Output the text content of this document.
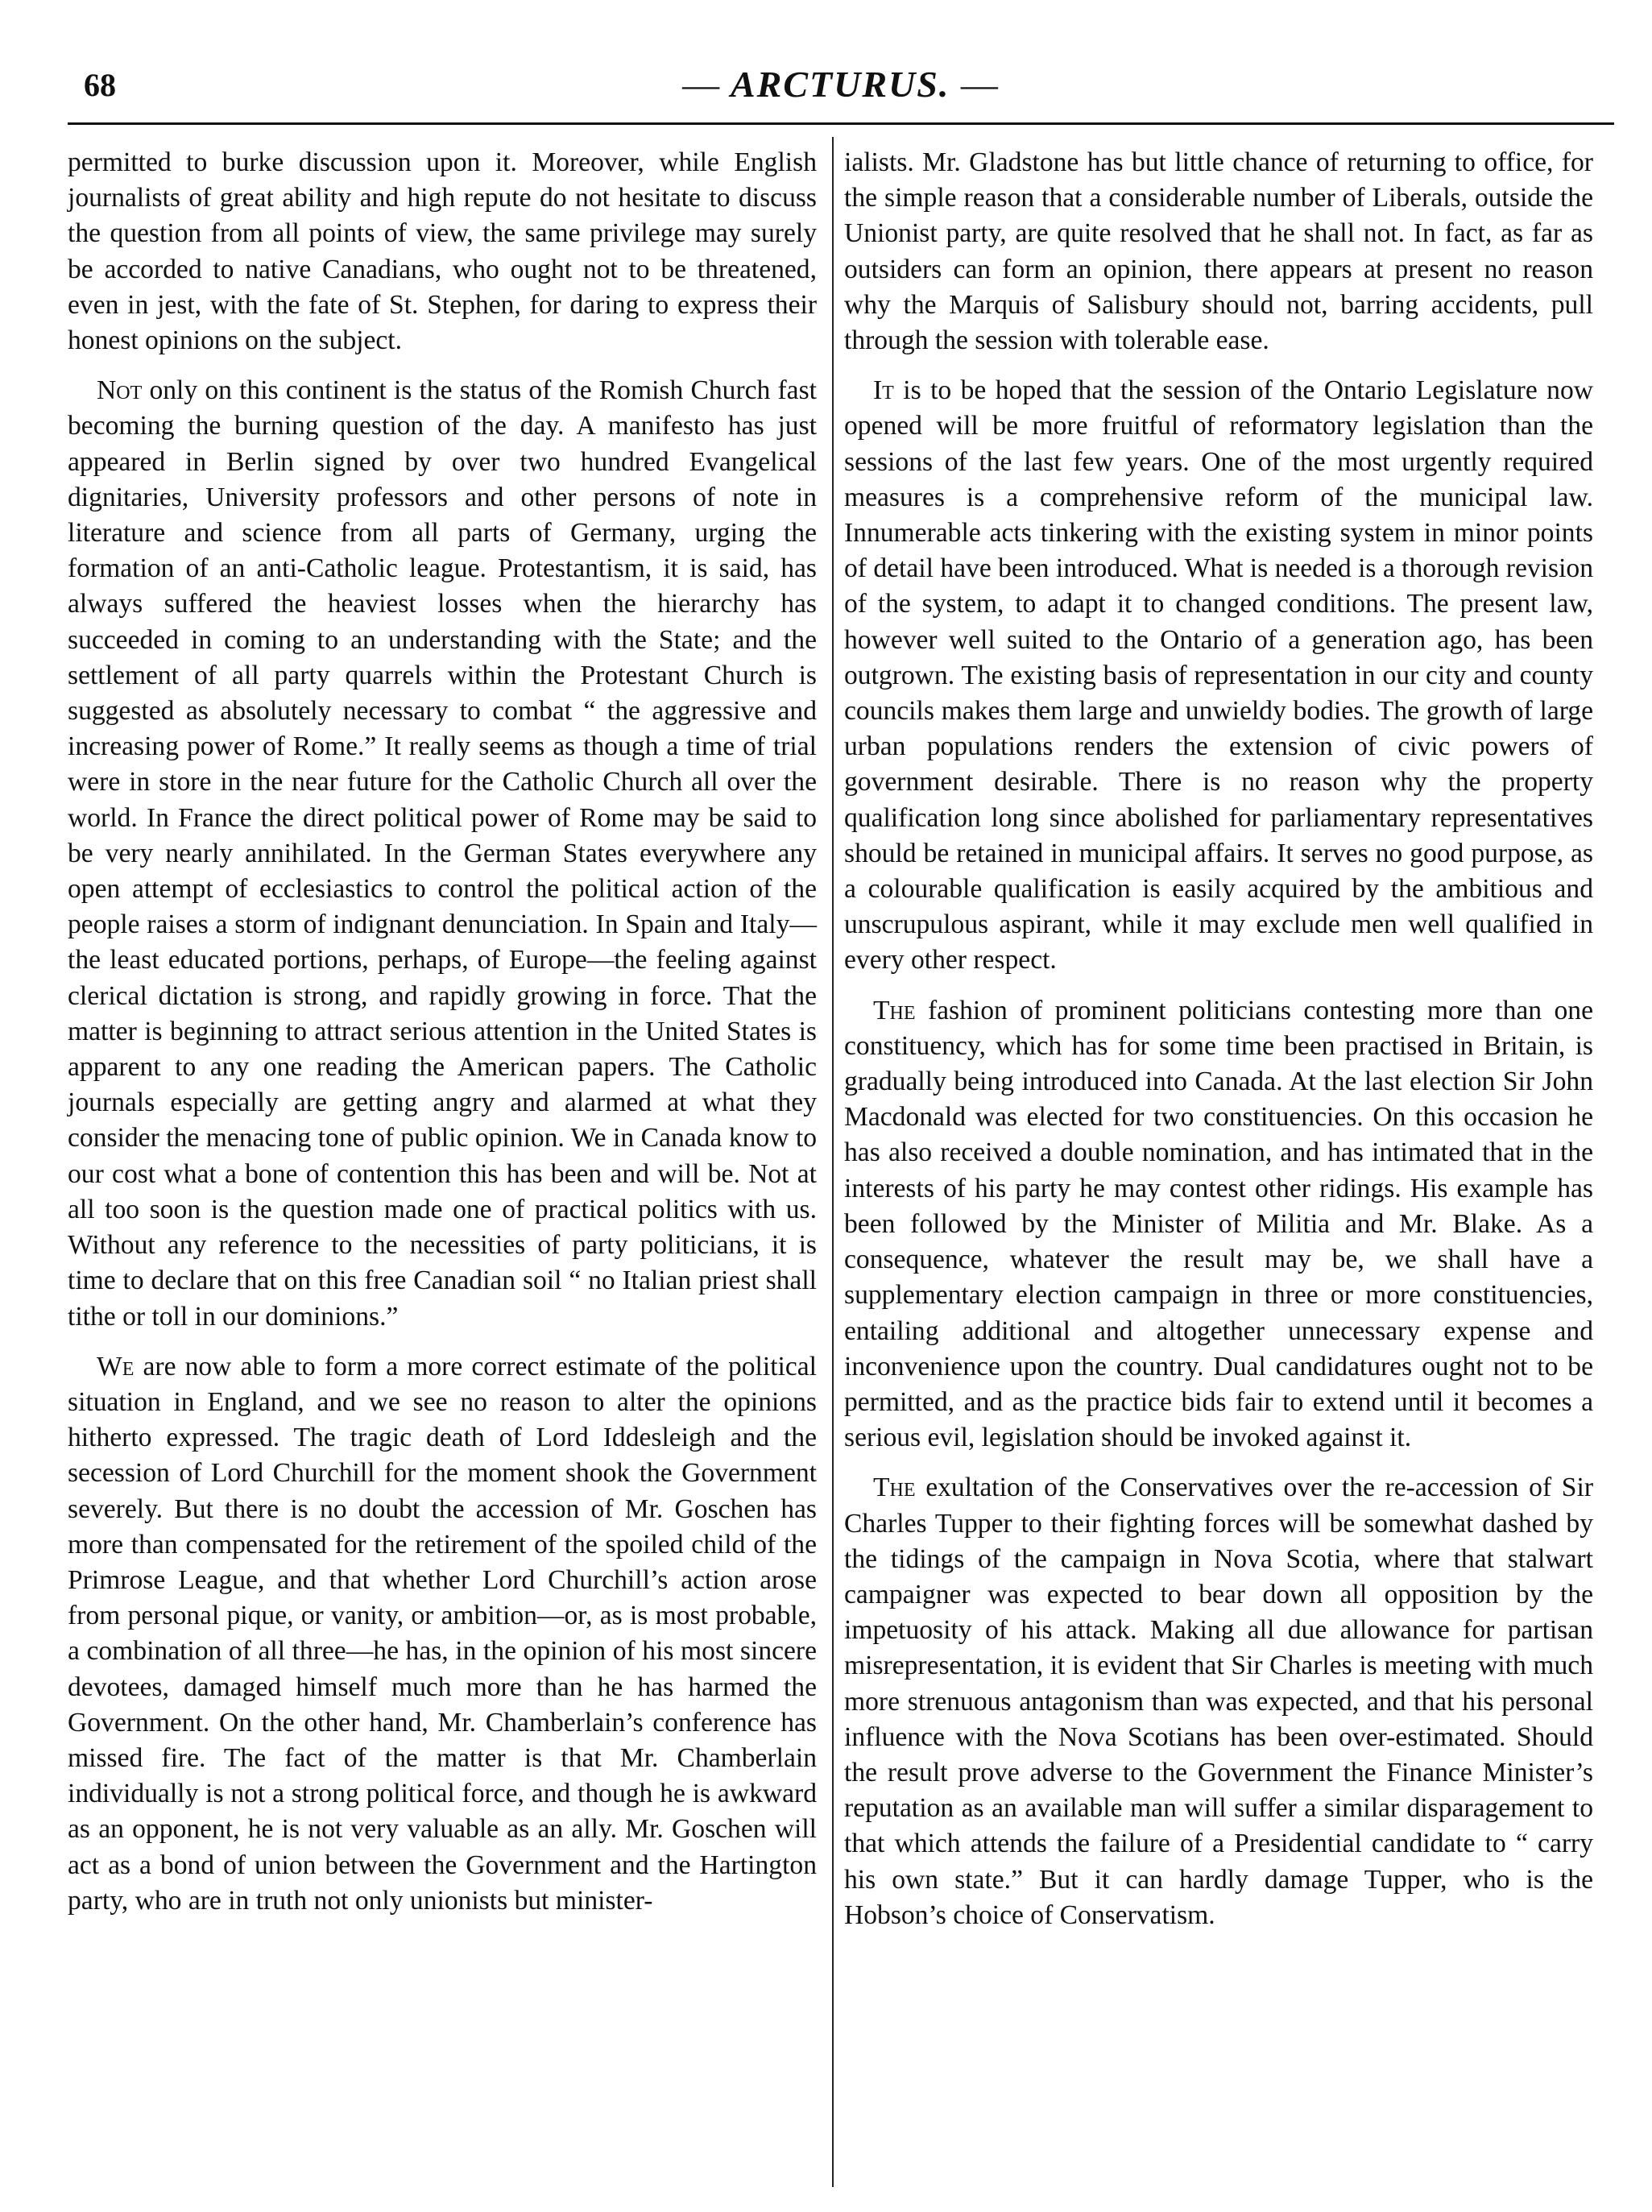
68	— ARCTURUS. —

permitted to burke discussion upon it. Moreover, while English journalists of great ability and high repute do not hesitate to discuss the question from all points of view, the same privilege may surely be accorded to native Canadians, who ought not to be threatened, even in jest, with the fate of St. Stephen, for daring to express their honest opinions on the subject.

Not only on this continent is the status of the Romish Church fast becoming the burning question of the day. A manifesto has just appeared in Berlin signed by over two hundred Evangelical dignitaries, University professors and other persons of note in literature and science from all parts of Germany, urging the formation of an anti-Catholic league. Protestantism, it is said, has always suffered the heaviest losses when the hierarchy has succeeded in coming to an understanding with the State; and the settlement of all party quarrels within the Protestant Church is suggested as absolutely necessary to combat “ the aggressive and increasing power of Rome.” It really seems as though a time of trial were in store in the near future for the Catholic Church all over the world. In France the direct political power of Rome may be said to be very nearly annihilated. In the German States everywhere any open attempt of ecclesiastics to control the political action of the people raises a storm of indignant denunciation. In Spain and Italy—the least educated portions, perhaps, of Europe—the feeling against clerical dictation is strong, and rapidly growing in force. That the matter is beginning to attract serious attention in the United States is apparent to any one reading the American papers. The Catholic journals especially are getting angry and alarmed at what they consider the menacing tone of public opinion. We in Canada know to our cost what a bone of contention this has been and will be. Not at all too soon is the question made one of practical politics with us. Without any reference to the necessities of party politicians, it is time to declare that on this free Canadian soil “ no Italian priest shall tithe or toll in our dominions.”

We are now able to form a more correct estimate of the political situation in England, and we see no reason to alter the opinions hitherto expressed. The tragic death of Lord Iddesleigh and the secession of Lord Churchill for the moment shook the Government severely. But there is no doubt the accession of Mr. Goschen has more than compensated for the retirement of the spoiled child of the Primrose League, and that whether Lord Churchill’s action arose from personal pique, or vanity, or ambition—or, as is most probable, a combination of all three—he has, in the opinion of his most sincere devotees, damaged himself much more than he has harmed the Government. On the other hand, Mr. Chamberlain’s conference has missed fire. The fact of the matter is that Mr. Chamberlain individually is not a strong political force, and though he is awkward as an opponent, he is not very valuable as an ally. Mr. Goschen will act as a bond of union between the Government and the Hartington party, who are in truth not only unionists but minister-

ialists. Mr. Gladstone has but little chance of returning to office, for the simple reason that a considerable number of Liberals, outside the Unionist party, are quite resolved that he shall not. In fact, as far as outsiders can form an opinion, there appears at present no reason why the Marquis of Salisbury should not, barring accidents, pull through the session with tolerable ease.

It is to be hoped that the session of the Ontario Legislature now opened will be more fruitful of reformatory legislation than the sessions of the last few years. One of the most urgently required measures is a comprehensive reform of the municipal law. Innumerable acts tinkering with the existing system in minor points of detail have been introduced. What is needed is a thorough revision of the system, to adapt it to changed conditions. The present law, however well suited to the Ontario of a generation ago, has been outgrown. The existing basis of representation in our city and county councils makes them large and unwieldy bodies. The growth of large urban populations renders the extension of civic powers of government desirable. There is no reason why the property qualification long since abolished for parliamentary representatives should be retained in municipal affairs. It serves no good purpose, as a colourable qualification is easily acquired by the ambitious and unscrupulous aspirant, while it may exclude men well qualified in every other respect.

The fashion of prominent politicians contesting more than one constituency, which has for some time been practised in Britain, is gradually being introduced into Canada. At the last election Sir John Macdonald was elected for two constituencies. On this occasion he has also received a double nomination, and has intimated that in the interests of his party he may contest other ridings. His example has been followed by the Minister of Militia and Mr. Blake. As a consequence, whatever the result may be, we shall have a supplementary election campaign in three or more constituencies, entailing additional and altogether unnecessary expense and inconvenience upon the country. Dual candidatures ought not to be permitted, and as the practice bids fair to extend until it becomes a serious evil, legislation should be invoked against it.

The exultation of the Conservatives over the re-accession of Sir Charles Tupper to their fighting forces will be somewhat dashed by the tidings of the campaign in Nova Scotia, where that stalwart campaigner was expected to bear down all opposition by the impetuosity of his attack. Making all due allowance for partisan misrepresentation, it is evident that Sir Charles is meeting with much more strenuous antagonism than was expected, and that his personal influence with the Nova Scotians has been over-estimated. Should the result prove adverse to the Government the Finance Minister’s reputation as an available man will suffer a similar disparagement to that which attends the failure of a Presidential candidate to “ carry his own state.” But it can hardly damage Tupper, who is the Hobson’s choice of Conservatism.
